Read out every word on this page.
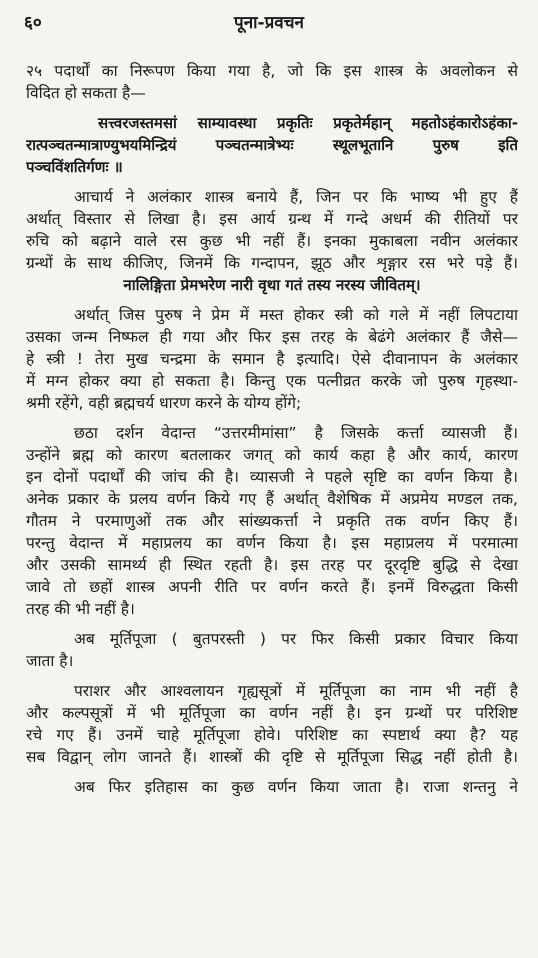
६०	पूना-प्रवचन
२५ पदार्थों का निरूपण किया गया है, जो कि इस शास्त्र के अवलोकन से
विदित हो सकता है—
सत्त्वरजस्तमसां साम्यावस्था प्रकृतिः प्रकृतेर्महान् महतोऽहंकारोऽहंका-
रात्पञ्चतन्मात्राण्युभयमिन्द्रियं पञ्चतन्मात्रेभ्यः स्थूलभूतानि पुरुष इति
पञ्चविंशतिर्गणः ॥
आचार्य ने अलंकार शास्त्र बनाये हैं, जिन पर कि भाष्य भी हुए हैं
अर्थात् विस्तार से लिखा है। इस आर्य ग्रन्थ में गन्दे अधर्म की रीतियों पर
रुचि को बढ़ाने वाले रस कुछ भी नहीं हैं। इनका मुकाबला नवीन अलंकार
ग्रन्थों के साथ कीजिए, जिनमें कि गन्दापन, झूठ और शृङ्गार रस भरे पड़े हैं।
नालिङ्गिता प्रेमभरेण नारी वृथा गतं तस्य नरस्य जीवितम्।
अर्थात् जिस पुरुष ने प्रेम में मस्त होकर स्त्री को गले में नहीं लिपटाया
उसका जन्म निष्फल ही गया और फिर इस तरह के बेढंगे अलंकार हैं जैसे—
हे स्त्री ! तेरा मुख चन्द्रमा के समान है इत्यादि। ऐसे दीवानापन के अलंकार
में मग्न होकर क्या हो सकता है। किन्तु एक पत्नीव्रत करके जो पुरुष गृहस्था-
श्रमी रहेंगे, वही ब्रह्मचर्य धारण करने के योग्य होंगे;
छठा दर्शन वेदान्त “उत्तरमीमांसा” है जिसके कर्त्ता व्यासजी हैं।
उन्होंने ब्रह्म को कारण बतलाकर जगत् को कार्य कहा है और कार्य, कारण
इन दोनों पदार्थों की जांच की है। व्यासजी ने पहले सृष्टि का वर्णन किया है।
अनेक प्रकार के प्रलय वर्णन किये गए हैं अर्थात् वैशेषिक में अप्रमेय मण्डल तक,
गौतम ने परमाणुओं तक और सांख्यकर्त्ता ने प्रकृति तक वर्णन किए हैं।
परन्तु वेदान्त में महाप्रलय का वर्णन किया है। इस महाप्रलय में परमात्मा
और उसकी सामर्थ्य ही स्थित रहती है। इस तरह पर दूरदृष्टि बुद्धि से देखा
जावे तो छहों शास्त्र अपनी रीति पर वर्णन करते हैं। इनमें विरुद्धता किसी
तरह की भी नहीं है।
अब मूर्तिपूजा ( बुतपरस्ती ) पर फिर किसी प्रकार विचार किया
जाता है।
पराशर और आश्वलायन गृह्यसूत्रों में मूर्तिपूजा का नाम भी नहीं है
और कल्पसूत्रों में भी मूर्तिपूजा का वर्णन नहीं है। इन ग्रन्थों पर परिशिष्ट
रचे गए हैं। उनमें चाहे मूर्तिपूजा होवे। परिशिष्ट का स्पष्टार्थ क्या है? यह
सब विद्वान् लोग जानते हैं। शास्त्रों की दृष्टि से मूर्तिपूजा सिद्ध नहीं होती है।
अब फिर इतिहास का कुछ वर्णन किया जाता है। राजा शन्तनु ने
